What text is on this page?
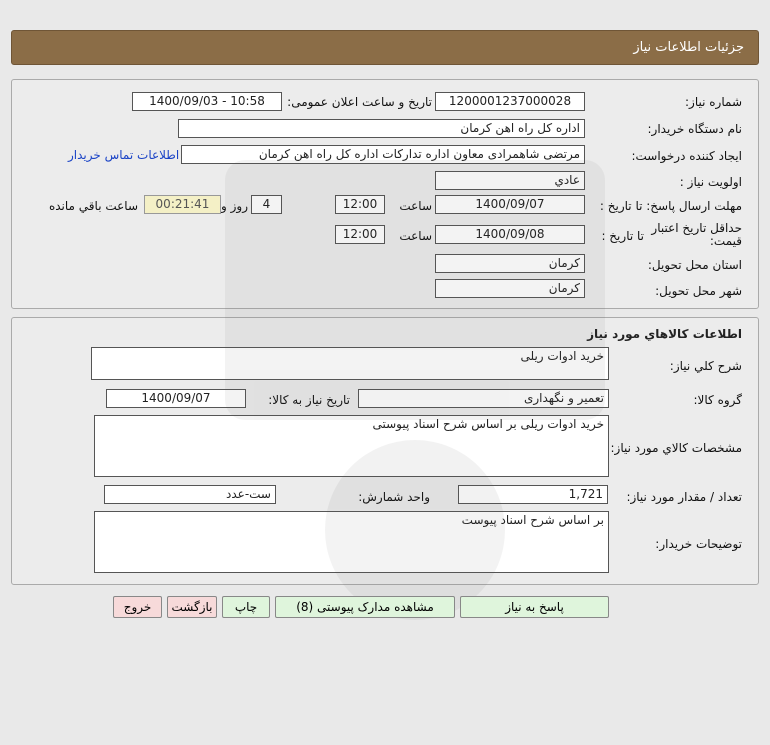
جزئیات اطلاعات نیاز
شماره نیاز:
1200001237000028
تاریخ و ساعت اعلان عمومی:
1400/09/03 - 10:58
نام دستگاه خریدار:
اداره کل راه اهن کرمان
ایجاد کننده درخواست:
مرتضی شاهمرادی معاون اداره تدارکات اداره کل راه اهن کرمان
اطلاعات تماس خریدار
اولویت نیاز :
عادي
مهلت ارسال پاسخ: تا تاریخ :
1400/09/07
ساعت
12:00
4
روز و
00:21:41
ساعت باقي مانده
حداقل تاریخ اعتبار قیمت:
تا تاریخ :
1400/09/08
ساعت
12:00
استان محل تحویل:
کرمان
شهر محل تحویل:
کرمان
اطلاعات کالاهاي مورد نياز
شرح کلي نياز:
خرید ادوات ریلی
گروه کالا:
تعمیر و نگهداری
تاریخ نیاز به کالا:
1400/09/07
مشخصات کالاي مورد نياز:
خرید ادوات ریلی بر اساس شرح اسناد پیوستی
تعداد / مقدار مورد نیاز:
1,721
واحد شمارش:
ست-عدد
توضیحات خریدار:
بر اساس شرح اسناد پیوست
پاسخ به نیاز
مشاهده مدارک پیوستی (8)
چاپ
بازگشت
خروج
